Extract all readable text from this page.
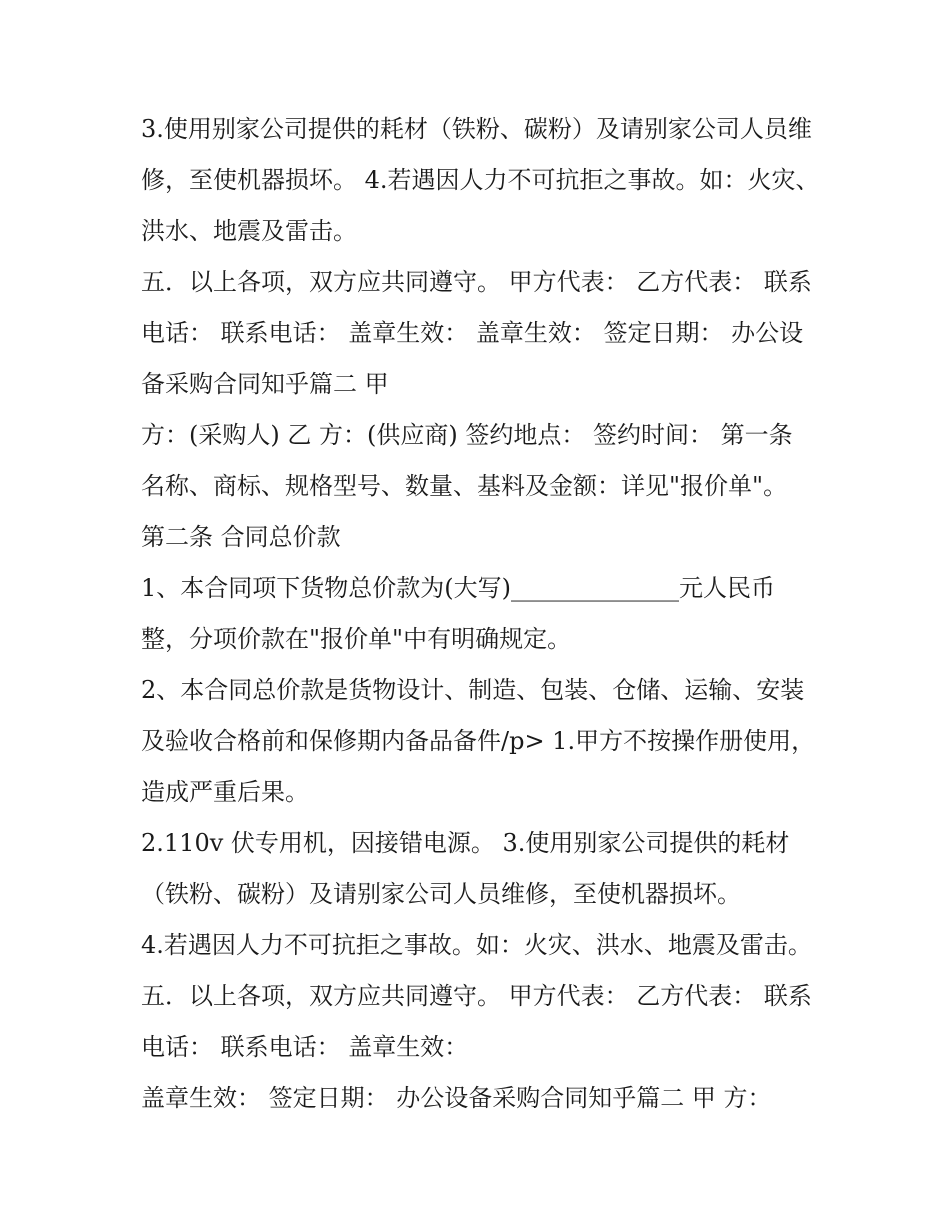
3.使用别家公司提供的耗材（铁粉、碳粉）及请别家公司人员维修，至使机器损坏。 4.若遇因人力不可抗拒之事故。如：火灾、洪水、地震及雷击。

五．以上各项，双方应共同遵守。 甲方代表： 乙方代表： 联系电话： 联系电话： 盖章生效： 盖章生效： 签定日期： 办公设备采购合同知乎篇二 甲

方：(采购人) 乙 方：(供应商) 签约地点： 签约时间： 第一条 名称、商标、规格型号、数量、基料及金额：详见"报价单"。

第二条 合同总价款

1、本合同项下货物总价款为(大写)______________元人民币整，分项价款在"报价单"中有明确规定。

2、本合同总价款是货物设计、制造、包装、仓储、运输、安装及验收合格前和保修期内备品备件/p> 1.甲方不按操作册使用，造成严重后果。

2.110v 伏专用机，因接错电源。 3.使用别家公司提供的耗材（铁粉、碳粉）及请别家公司人员维修，至使机器损坏。

4.若遇因人力不可抗拒之事故。如：火灾、洪水、地震及雷击。 五．以上各项，双方应共同遵守。 甲方代表： 乙方代表： 联系电话： 联系电话： 盖章生效：

盖章生效： 签定日期： 办公设备采购合同知乎篇二 甲 方：
